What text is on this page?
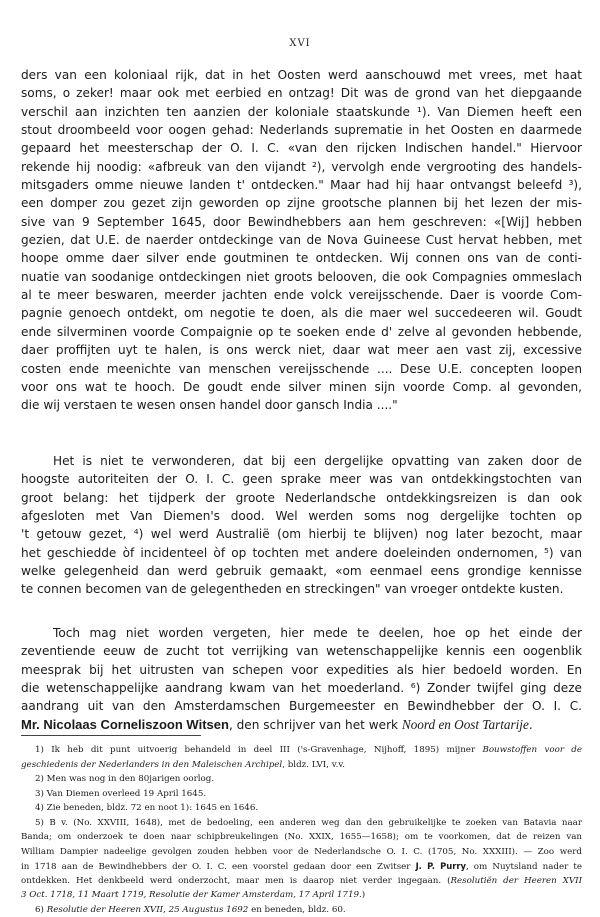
XVI
ders van een koloniaal rijk, dat in het Oosten werd aanschouwd met vrees, met haat
soms, o zeker! maar ook met eerbied en ontzag! Dit was de grond van het diepgaande
verschil aan inzichten ten aanzien der koloniale staatskunde ¹). Van Diemen heeft een
stout droombeeld voor oogen gehad: Nederlands suprematie in het Oosten en daarmede
gepaard het meesterschap der O. I. C. «van den rijcken Indischen handel." Hiervoor
rekende hij noodig: «afbreuk van den vijandt ²), vervolgh ende vergrooting des handels-
mitsgaders omme nieuwe landen t' ontdecken." Maar had hij haar ontvangst beleefd ³),
een domper zou gezet zijn geworden op zijne grootsche plannen bij het lezen der mis-
sive van 9 September 1645, door Bewindhebbers aan hem geschreven: «[Wij] hebben
gezien, dat U.E. de naerder ontdeckinge van de Nova Guineese Cust hervat hebben, met
hoope omme daer silver ende goutminen te ontdecken. Wij connen ons van de conti-
nuatie van soodanige ontdeckingen niet groots belooven, die ook Compagnies ommeslach
al te meer beswaren, meerder jachten ende volck vereijsschende. Daer is voorde Com-
pagnie genoech ontdekt, om negotie te doen, als die maer wel succedeeren wil. Goudt
ende silverminen voorde Compaignie op te soeken ende d' zelve al gevonden hebbende,
daer proffijten uyt te halen, is ons werck niet, daar wat meer aen vast zij, excessive
costen ende meenichte van menschen vereijsschende .... Dese U.E. concepten loopen
voor ons wat te hooch. De goudt ende silver minen sijn voorde Comp. al gevonden,
die wij verstaen te wesen onsen handel door gansch India ...."
Het is niet te verwonderen, dat bij een dergelijke opvatting van zaken door de
hoogste autoriteiten der O. I. C. geen sprake meer was van ontdekkingstochten van
groot belang: het tijdperk der groote Nederlandsche ontdekkingsreizen is dan ook
afgesloten met Van Diemen's dood. Wel werden soms nog dergelijke tochten op
't getouw gezet, ⁴) wel werd Australië (om hierbij te blijven) nog later bezocht, maar
het geschiedde òf incidenteel òf op tochten met andere doeleinden ondernomen, ⁵) van
welke gelegenheid dan werd gebruik gemaakt, «om eenmael eens grondige kennisse
te connen becomen van de gelegentheden en streckingen" van vroeger ontdekte kusten.
Toch mag niet worden vergeten, hier mede te deelen, hoe op het einde der
zeventiende eeuw de zucht tot verrijking van wetenschappelijke kennis een oogenblik
meesprak bij het uitrusten van schepen voor expedities als hier bedoeld worden. En
die wetenschappelijke aandrang kwam van het moederland. ⁶) Zonder twijfel ging deze
aandrang uit van den Amsterdamschen Burgemeester en Bewindhebber der O. I. C.
Mr. Nicolaas Corneliszoon Witsen, den schrijver van het werk Noord en Oost Tartarije.
1) Ik heb dit punt uitvoerig behandeld in deel III ('s-Gravenhage, Nijhoff, 1895) mijner Bouwstoffen voor de
geschiedenis der Nederlanders in den Maleischen Archipel, bldz. LVI, v.v.
2) Men was nog in den 80jarigen oorlog.
3) Van Diemen overleed 19 April 1645.
4) Zie beneden, bldz. 72 en noot 1): 1645 en 1646.
5) B v. (No. XXVIII, 1648), met de bedoeling, een anderen weg dan den gebruikelijke te zoeken van Batavia naar
Banda; om onderzoek te doen naar schipbreukelingen (No. XXIX, 1655—1658); om te voorkomen, dat de reizen van
William Dampier nadeelige gevolgen zouden hebben voor de Nederlandsche O. I. C. (1705, No. XXXIII). — Zoo werd
in 1718 aan de Bewindhebbers der O. I. C. een voorstel gedaan door een Zwitser J. P. Purry, om Nuytsland nader te
ontdekken. Het denkbeeld werd onderzocht, maar men is daarop niet verder ingegaan. (Resolutiën der Heeren XVII
3 Oct. 1718, 11 Maart 1719, Resolutie der Kamer Amsterdam, 17 April 1719.)
6) Resolutie der Heeren XVII, 25 Augustus 1692 en beneden, bldz. 60.
